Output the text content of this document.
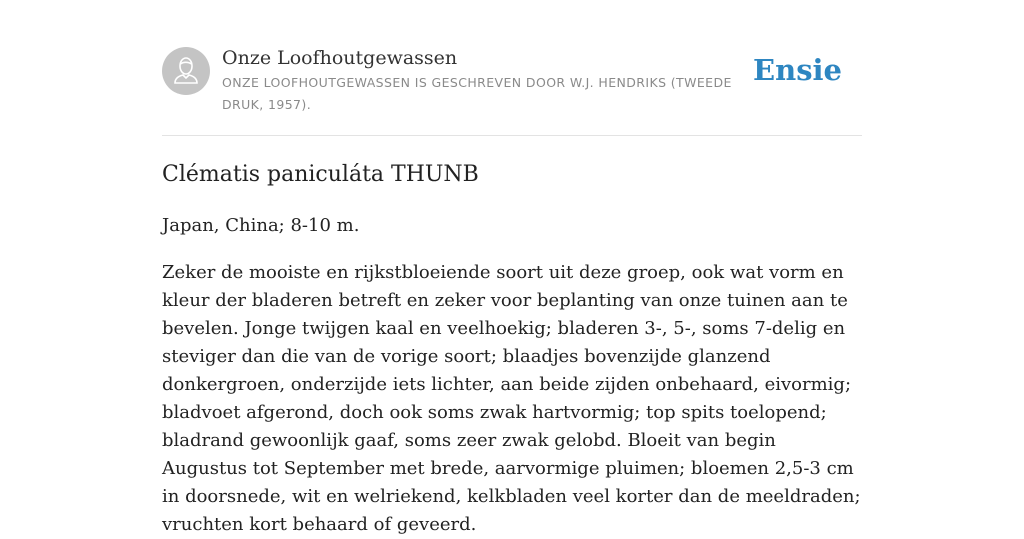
Onze Loofhoutgewassen
ONZE LOOFHOUTGEWASSEN IS GESCHREVEN DOOR W.J. HENDRIKS (TWEEDE DRUK, 1957).
Ensie
Clématis paniculáta THUNB

Japan, China; 8-10 m.

Zeker de mooiste en rijkstbloeiende soort uit deze groep, ook wat vorm en kleur der bladeren betreft en zeker voor beplanting van onze tuinen aan te bevelen. Jonge twijgen kaal en veelhoekig; bladeren 3-, 5-, soms 7-delig en steviger dan die van de vorige soort; blaadjes bovenzijde glanzend donkergroen, onderzijde iets lichter, aan beide zijden onbehaard, eivormig; bladvoet afgerond, doch ook soms zwak hartvormig; top spits toelopend; bladrand gewoonlijk gaaf, soms zeer zwak gelobd. Bloeit van begin Augustus tot September met brede, aarvormige pluimen; bloemen 2,5-3 cm in doorsnede, wit en welriekend, kelkbladen veel korter dan de meeldraden; vruchten kort behaard of geveerd.
